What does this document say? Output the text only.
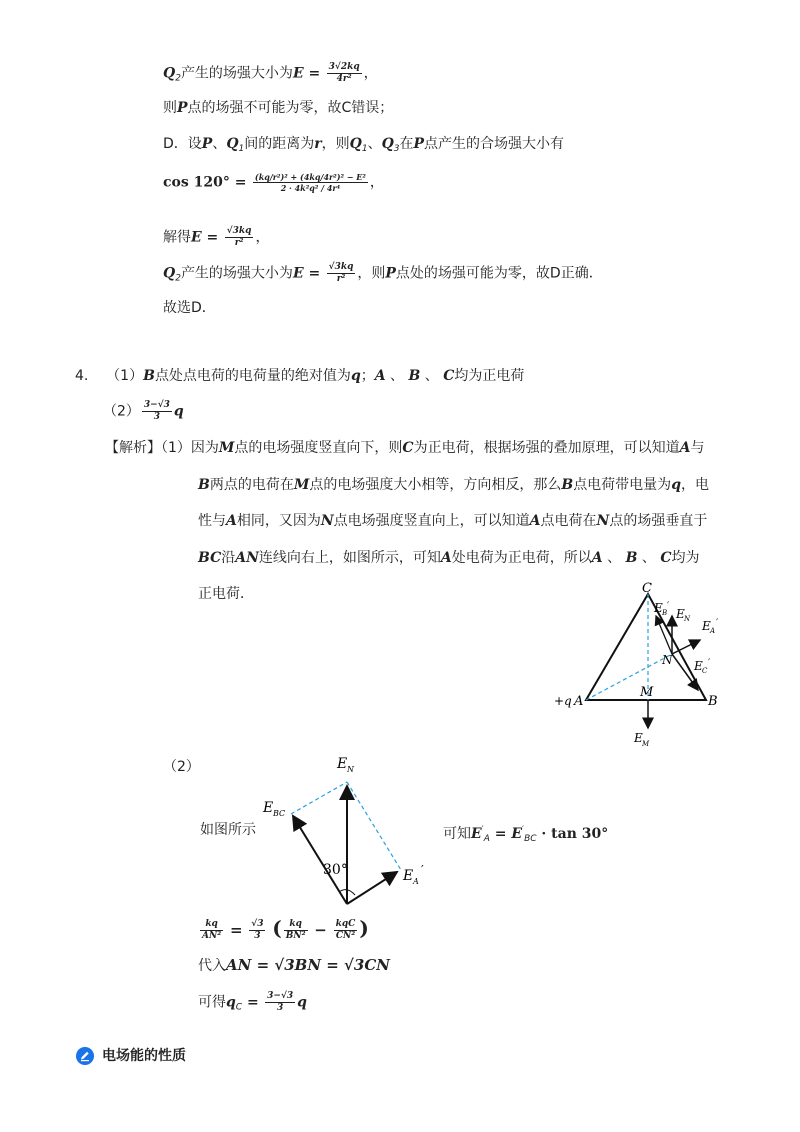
$Q_2$产生的场强大小为$E = \frac{3√2kq}{\text{4r²}}$ ，
则P点的场强不可能为零，故C错误；
D．设P、$Q_1$间的距离为r，则$Q_1$、$Q_3$在P点产生的合场强大小有
$\cos 120^\circ = \frac{\text{(kq/r²)² + (4kq/4r²)² − E²}}{\text{2 · 4k²q² / 4r⁴}}$ ，
解得$E = \frac{√3kq}{\text{r²}}$ ，
$Q_2$产生的场强大小为$E = \frac{√3kq}{\text{r²}}$ ，则P点处的场强可能为零，故D正确．
故选D．
4. （1）B点处点电荷的电荷量的绝对值为q；A 、 B 、 C均为正电荷
$(2) \frac{3-√3}{3}$ q
【解析】（1）因为M点的电场强度竖直向下，则C为正电荷，根据场强的叠加原理，可以知道A与
B两点的电荷在M点的电场强度大小相等，方向相反，那么B点电荷带电量为q，电
性与A相同，又因为N点电场强度竖直向上，可以知道A点电荷在N点的场强垂直于
BC沿AN连线向右上，如图所示，可知A处电荷为正电荷，所以A 、 B 、 C均为
正电荷．	C
A
+q	B
M
N
E B
′
E N E A
′
E C
′
E M
（2）
如图所示
30°
E N
E BC
E A
′
可知$E'_A = E'_{BC} \cdot \tan 30^\circ$
$\frac{kq}{\text{AN²}} = \frac{√3}{3}$ ( $\frac{kq}{\text{BN²}} - \frac{\text{kqC}}{\text{CN²}}$ )
代入AN = √3BN = √3CN
可得$q_C = \frac{3-√3}{3}$ q
电场能的性质
